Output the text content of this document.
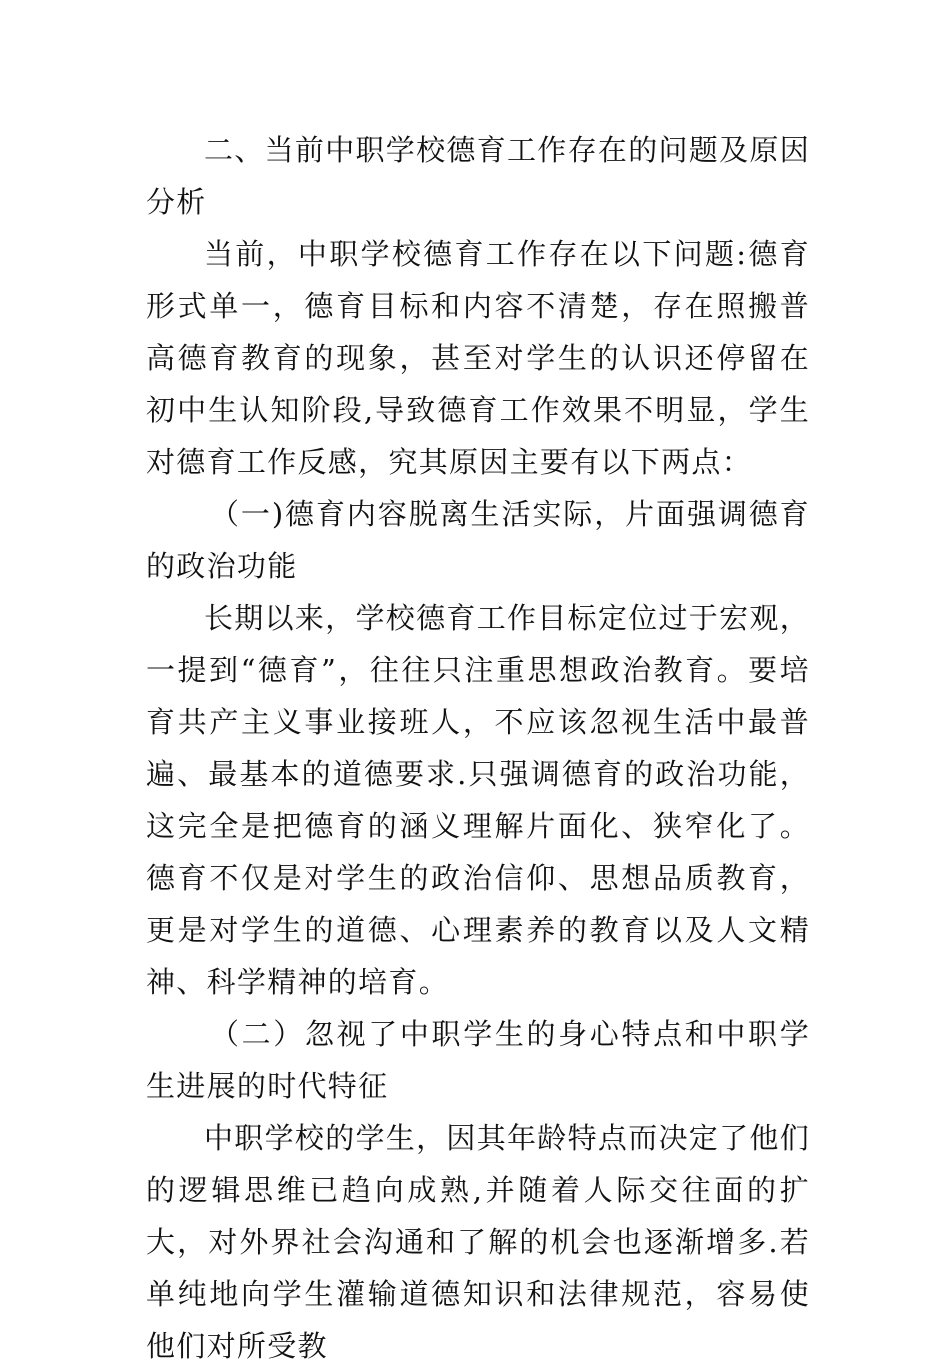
二、当前中职学校德育工作存在的问题及原因分析

当前，中职学校德育工作存在以下问题:德育形式单一，德育目标和内容不清楚，存在照搬普高德育教育的现象，甚至对学生的认识还停留在初中生认知阶段,导致德育工作效果不明显，学生对德育工作反感，究其原因主要有以下两点：

（一)德育内容脱离生活实际，片面强调德育的政治功能

长期以来，学校德育工作目标定位过于宏观，一提到“德育”，往往只注重思想政治教育。要培育共产主义事业接班人，不应该忽视生活中最普遍、最基本的道德要求.只强调德育的政治功能，这完全是把德育的涵义理解片面化、狭窄化了。德育不仅是对学生的政治信仰、思想品质教育，更是对学生的道德、心理素养的教育以及人文精神、科学精神的培育。

（二）忽视了中职学生的身心特点和中职学生进展的时代特征

中职学校的学生，因其年龄特点而决定了他们的逻辑思维已趋向成熟,并随着人际交往面的扩大，对外界社会沟通和了解的机会也逐渐增多.若单纯地向学生灌输道德知识和法律规范，容易使他们对所受教
